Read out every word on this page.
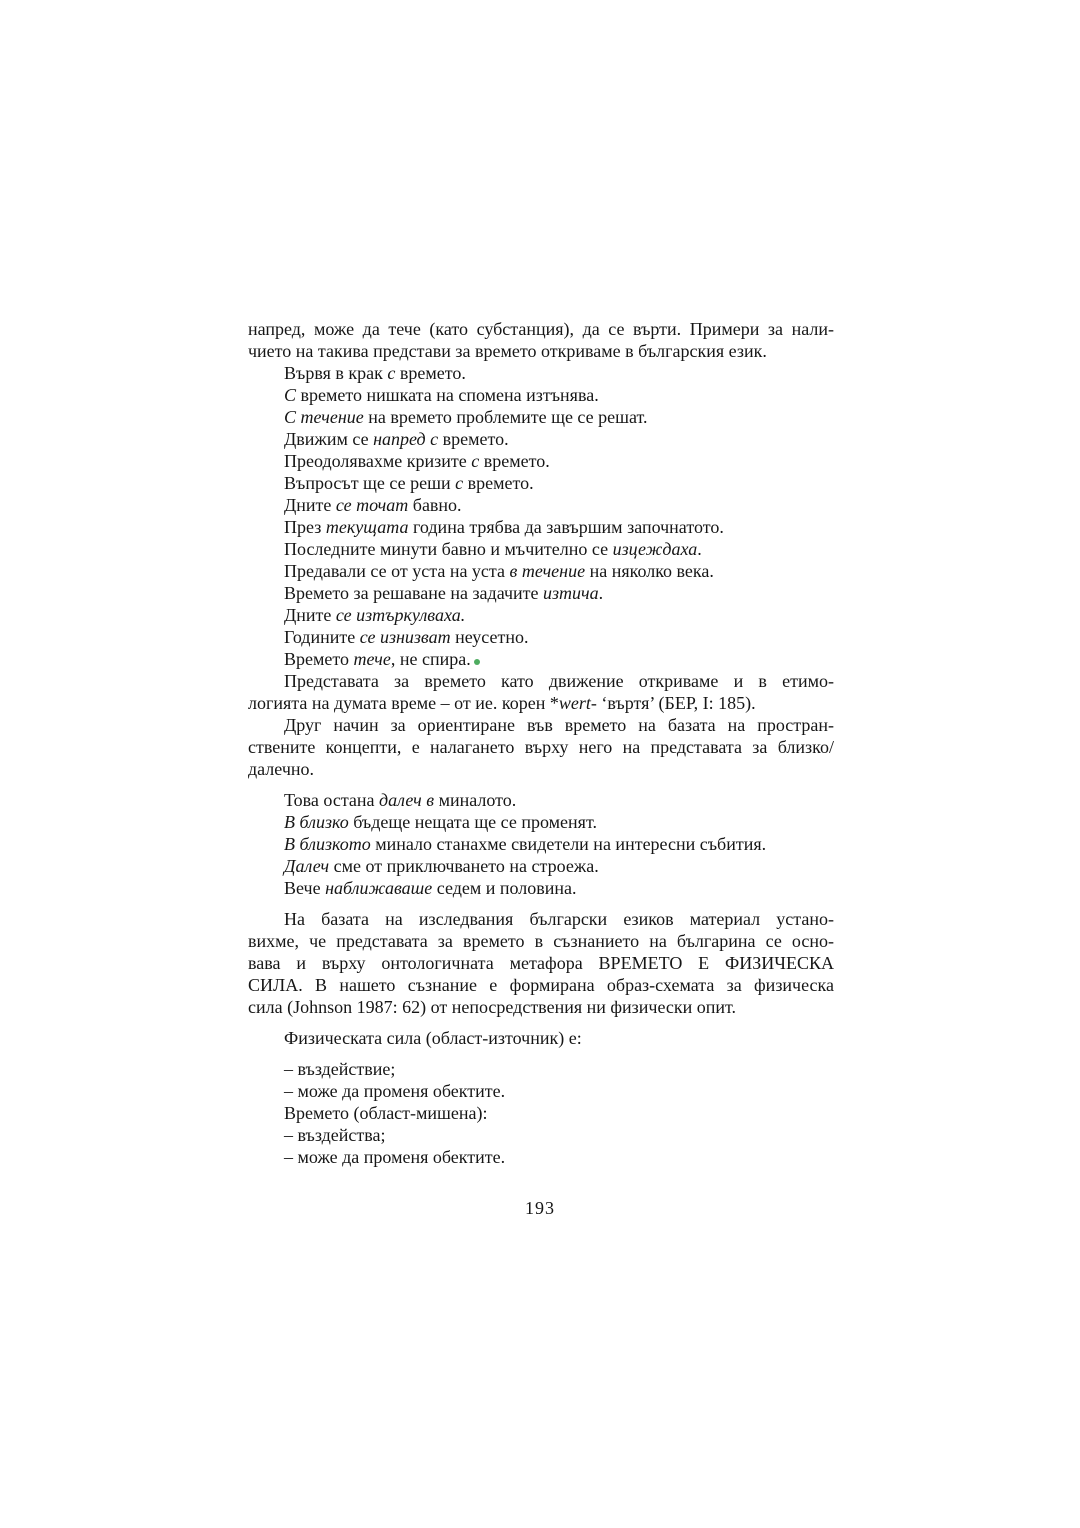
напред, може да тече (като субстанция), да се върти. Примери за нали-
чието на такива представи за времето откриваме в българския език.
Вървя в крак с времето.
С времето нишката на спомена изтънява.
С течение на времето проблемите ще се решат.
Движим се напред с времето.
Преодолявахме кризите с времето.
Въпросът ще се реши с времето.
Дните се точат бавно.
През текущата година трябва да завършим започнатото.
Последните минути бавно и мъчително се изцеждаха.
Предавали се от уста на уста в течение на няколко века.
Времето за решаване на задачите изтича.
Дните се изтъркулваха.
Годините се изнизват неусетно.
Времето тече, не спира.
Представата за времето като движение откриваме и в етимо-
логията на думата време – от ие. корен *wert- ‘въртя’ (БЕР, I: 185).
Друг начин за ориентиране във времето на базата на простран-
ствените концепти, е налагането върху него на представата за близко/
далечно.
Това остана далеч в миналото.
В близко бъдеще нещата ще се променят.
В близкото минало станахме свидетели на интересни събития.
Далеч сме от приключването на строежа.
Вече наближаваше седем и половина.
На базата на изследвания български езиков материал устано-
вихме, че представата за времето в съзнанието на българина се осно-
вава и върху онтологичната метафора ВРЕМЕТО Е ФИЗИЧЕСКА
СИЛА. В нашето съзнание е формирана образ-схемата за физическа
сила (Johnson 1987: 62) от непосредствения ни физически опит.
Физическата сила (област-източник) е:
– въздействие;
– може да променя обектите.
Времето (област-мишена):
– въздейства;
– може да променя обектите.
193
